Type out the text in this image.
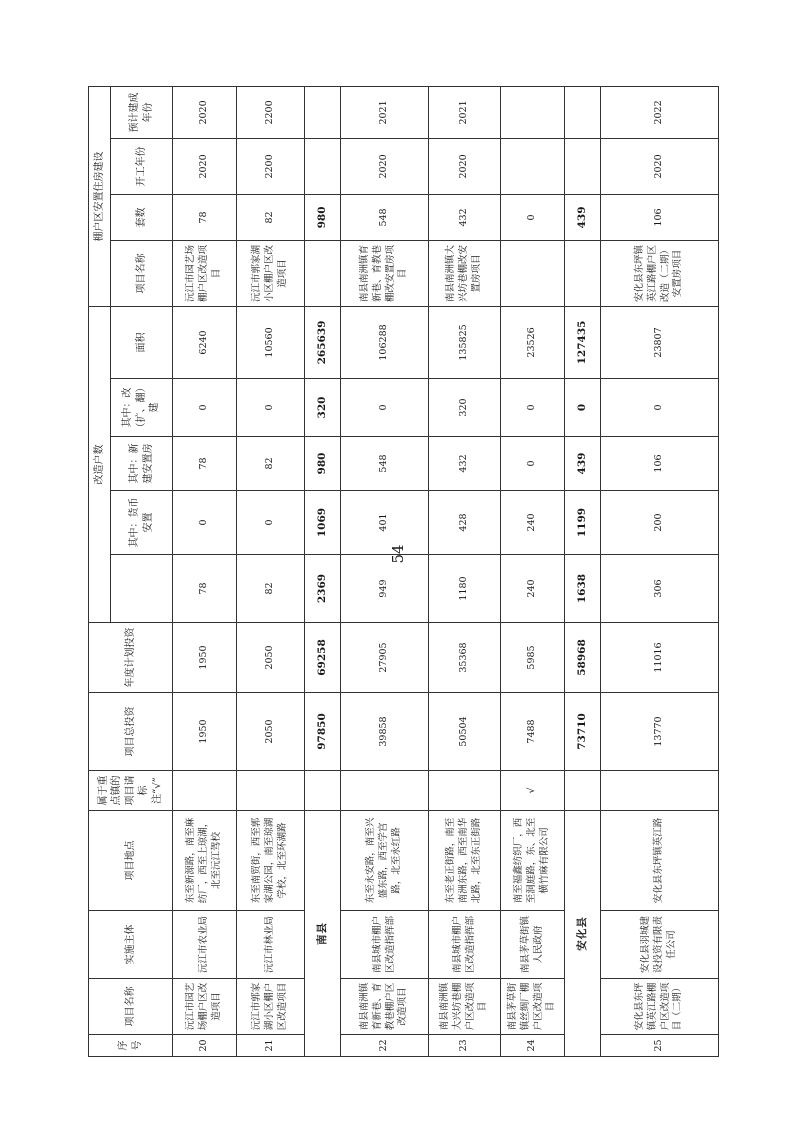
序号	项目名称	实施主体	项目地点	属于重点镇的项目请标注“√”	项目总投资	年度计划投资	改造户数					棚户区安置住房建设			
								其中：货币安置	其中：新建安置房	其中：改（扩、翻）建	面积	项目名称	套数	开工年份	预计建成年份
20	沅江市园艺场棚户区改造项目	沅江市农业局	东至新源路，南至麻纺厂，西至上琼湖，北至沅江驾校		1950	1950	78	0	78	0	6240	沅江市园艺场棚户区改造项目	78	2020	2020
21	沅江市郭家湖小区棚户区改造项目	沅江市林业局	东至南贸街，西至郭家湖公园，南至琼湖学校，北至环湖路		2050	2050	82	0	82	0	10560	沅江市郭家湖小区棚户区改造项目	82	2200	2200
南县					97850	69258	2369	1069	980	320	265639		980		
22	南县南洲镇育新巷、育教巷棚户区改造项目	南县城市棚户区改造指挥部	东至永安路，南至兴盛东路，西至学宫路，北至永红路		39858	27905	949	401	548	0	106288	南县南洲镇育新巷、育教巷棚改安置房项目	548	2020	2021
23	南县南洲镇大兴坊巷棚户区改造项目	南县城市棚户区改造指挥部	东至老正街路，南至南洲东路，西至南华北路，北至东正街路		50504	35368	1180	428	432	320	135825	南县南洲镇大兴坊巷棚改安置房项目	432	2020	2021
24	南县茅草街镇丝绸厂棚户区改造项目	南县茅草街镇人民政府	南至福鑫纺织厂，西至洞庭路，东、北至横竹麻有限公司	√	7488	5985	240	240	0	0	23526		0		
安化县					73710	58968	1638	1199	439	0	127435		439		
25	安化县东坪镇英江路棚户区改造项目（二期）	安化县羽城建设投资有限责任公司	安化县东坪镇英江路		13770	11016	306	200	106	0	23807	安化县东坪镇英江路棚户区改造（二期）安置房项目	106	2020	2022
54
